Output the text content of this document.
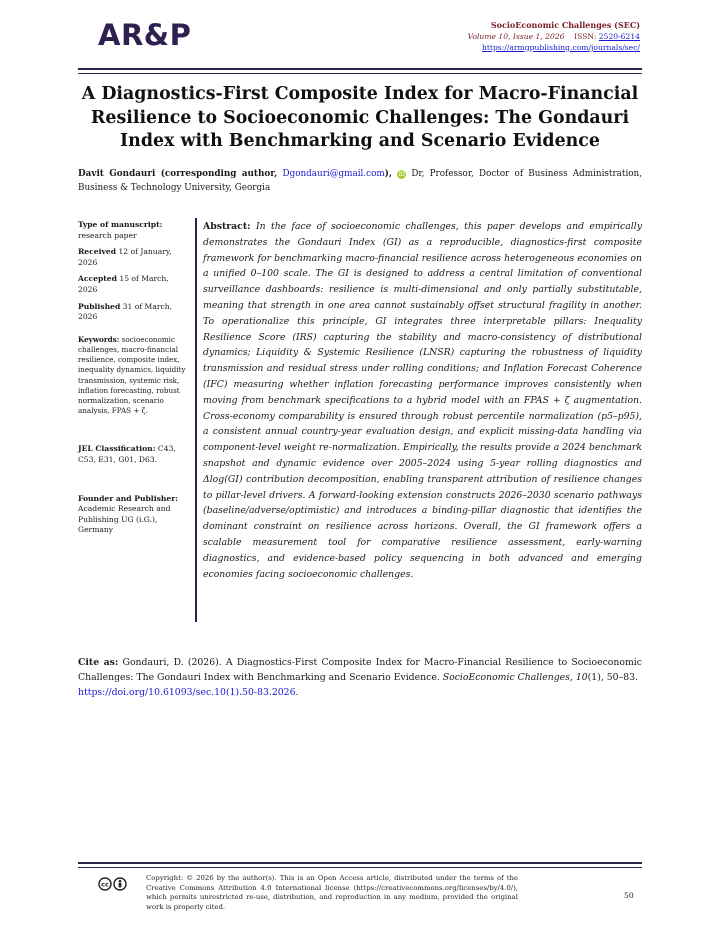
AR&P	SocioEconomic Challenges (SEC)
Volume 10, Issue 1, 2026 ISSN: 2520-6214
https://armgpublishing.com/journals/sec/
A Diagnostics-First Composite Index for Macro-Financial Resilience to Socioeconomic Challenges: The Gondauri Index with Benchmarking and Scenario Evidence
Davit Gondauri (corresponding author, Dgondauri@gmail.com), iD Dr, Professor, Doctor of Business Administration, Business & Technology University, Georgia
Type of manuscript:
research paper
Received 12 of January, 2026
Accepted 15 of March, 2026
Published 31 of March, 2026
Keywords: socioeconomic challenges, macro-financial resilience, composite index, inequality dynamics, liquidity transmission, systemic risk, inflation forecasting, robust normalization, scenario analysis, FPAS + ζ.
JEL Classification: C43, C53, E31, G01, D63.
Founder and Publisher:
Academic Research and Publishing UG (i.G.), Germany
Abstract: In the face of socioeconomic challenges, this paper develops and empirically demonstrates the Gondauri Index (GI) as a reproducible, diagnostics-first composite framework for benchmarking macro-financial resilience across heterogeneous economies on a unified 0–100 scale. The GI is designed to address a central limitation of conventional surveillance dashboards: resilience is multi-dimensional and only partially substitutable, meaning that strength in one area cannot sustainably offset structural fragility in another. To operationalize this principle, GI integrates three interpretable pillars: Inequality Resilience Score (IRS) capturing the stability and macro-consistency of distributional dynamics; Liquidity & Systemic Resilience (LNSR) capturing the robustness of liquidity transmission and residual stress under rolling conditions; and Inflation Forecast Coherence (IFC) measuring whether inflation forecasting performance improves consistently when moving from benchmark specifications to a hybrid model with an FPAS + ζ augmentation. Cross-economy comparability is ensured through robust percentile normalization (p5–p95), a consistent annual country-year evaluation design, and explicit missing-data handling via component-level weight re-normalization. Empirically, the results provide a 2024 benchmark snapshot and dynamic evidence over 2005–2024 using 5-year rolling diagnostics and Δlog(GI) contribution decomposition, enabling transparent attribution of resilience changes to pillar-level drivers. A forward-looking extension constructs 2026–2030 scenario pathways (baseline/adverse/optimistic) and introduces a binding-pillar diagnostic that identifies the dominant constraint on resilience across horizons. Overall, the GI framework offers a scalable measurement tool for comparative resilience assessment, early-warning diagnostics, and evidence-based policy sequencing in both advanced and emerging economies facing socioeconomic challenges.
Cite as: Gondauri, D. (2026). A Diagnostics-First Composite Index for Macro-Financial Resilience to Socioeconomic Challenges: The Gondauri Index with Benchmarking and Scenario Evidence. SocioEconomic Challenges, 10(1), 50–83.
https://doi.org/10.61093/sec.10(1).50-83.2026.
cc
Copyright: © 2026 by the author(s). This is an Open Access article, distributed under the terms of the Creative Commons Attribution 4.0 International license (https://creativecommons.org/licenses/by/4.0/), which permits unrestricted re-use, distribution, and reproduction in any medium, provided the original work is properly cited.
50
